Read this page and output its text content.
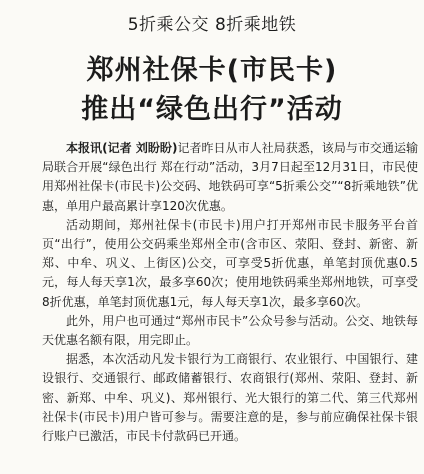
5折乘公交 8折乘地铁
郑州社保卡(市民卡)
推出“绿色出行”活动

本报讯(记者 刘盼盼)记者昨日从市人社局获悉，该局与市交通运输局联合开展“绿色出行 郑在行动”活动，3月7日起至12月31日，市民使用郑州社保卡(市民卡)公交码、地铁码可享“5折乘公交”“8折乘地铁”优惠，单用户最高累计享120次优惠。

活动期间，郑州社保卡(市民卡)用户打开郑州市民卡服务平台首页“出行”，使用公交码乘坐郑州全市(含市区、荥阳、登封、新密、新郑、中牟、巩义、上街区)公交，可享受5折优惠，单笔封顶优惠0.5元，每人每天享1次，最多享60次；使用地铁码乘坐郑州地铁，可享受8折优惠，单笔封顶优惠1元，每人每天享1次，最多享60次。

此外，用户也可通过“郑州市民卡”公众号参与活动。公交、地铁每天优惠名额有限，用完即止。

据悉，本次活动凡发卡银行为工商银行、农业银行、中国银行、建设银行、交通银行、邮政储蓄银行、农商银行(郑州、荥阳、登封、新密、新郑、中牟、巩义)、郑州银行、光大银行的第二代、第三代郑州社保卡(市民卡)用户皆可参与。需要注意的是，参与前应确保社保卡银行账户已激活，市民卡付款码已开通。
